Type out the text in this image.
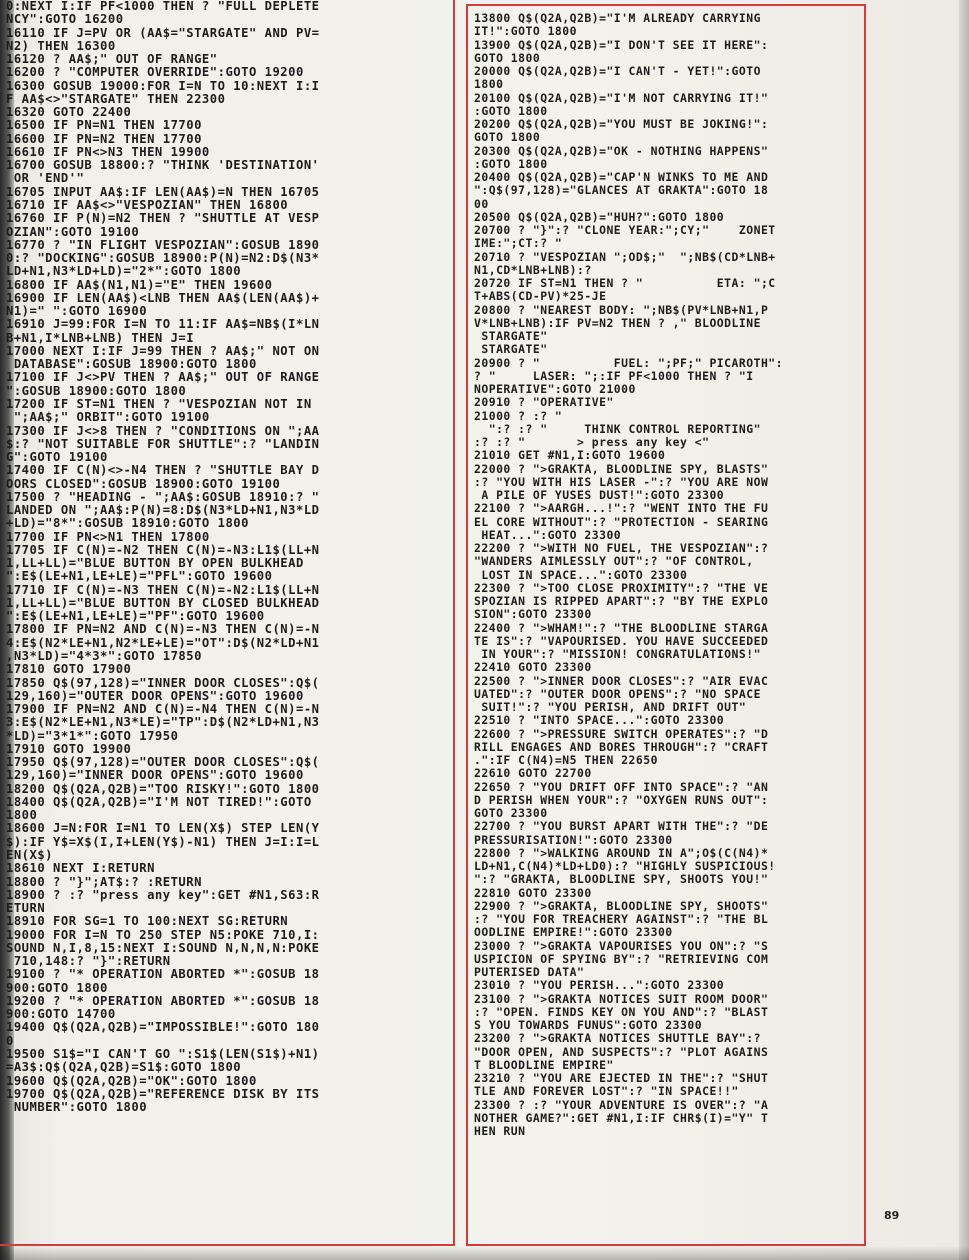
0:NEXT I:IF PF<1000 THEN ? "FULL DEPLETE
NCY":GOTO 16200
16110 IF J=PV OR (AA$="STARGATE" AND PV=
N2) THEN 16300
16120 ? AA$;" OUT OF RANGE"
16200 ? "COMPUTER OVERRIDE":GOTO 19200
16300 GOSUB 19000:FOR I=N TO 10:NEXT I:I
F AA$<>"STARGATE" THEN 22300
16320 GOTO 22400
16500 IF PN=N1 THEN 17700
16600 IF PN=N2 THEN 17700
16610 IF PN<>N3 THEN 19900
16700 GOSUB 18800:? "THINK 'DESTINATION'
OR 'END'"
16705 INPUT AA$:IF LEN(AA$)=N THEN 16705
16710 IF AA$<>"VESPOZIAN" THEN 16800
16760 IF P(N)=N2 THEN ? "SHUTTLE AT VESP
OZIAN":GOTO 19100
16770 ? "IN FLIGHT VESPOZIAN":GOSUB 1890
0:? "DOCKING":GOSUB 18900:P(N)=N2:D$(N3*
LD+N1,N3*LD+LD)="2*":GOTO 1800
16800 IF AA$(N1,N1)="E" THEN 19600
16900 IF LEN(AA$)<LNB THEN AA$(LEN(AA$)+
N1)=" ":GOTO 16900
16910 J=99:FOR I=N TO 11:IF AA$=NB$(I*LN
B+N1,I*LNB+LNB) THEN J=I
17000 NEXT I:IF J=99 THEN ? AA$;" NOT ON
DATABASE":GOSUB 18900:GOTO 1800
17100 IF J<>PV THEN ? AA$;" OUT OF RANGE
":GOSUB 18900:GOTO 1800
17200 IF ST=N1 THEN ? "VESPOZIAN NOT IN
";AA$;" ORBIT":GOTO 19100
17300 IF J<>8 THEN ? "CONDITIONS ON ";AA
$:? "NOT SUITABLE FOR SHUTTLE":? "LANDIN
G":GOTO 19100
17400 IF C(N)<>-N4 THEN ? "SHUTTLE BAY D
OORS CLOSED":GOSUB 18900:GOTO 19100
17500 ? "HEADING - ";AA$:GOSUB 18910:? "
LANDED ON ";AA$:P(N)=8:D$(N3*LD+N1,N3*LD
+LD)="8*":GOSUB 18910:GOTO 1800
17700 IF PN<>N1 THEN 17800
17705 IF C(N)=-N2 THEN C(N)=-N3:L1$(LL+N
1,LL+LL)="BLUE BUTTON BY OPEN BULKHEAD
":E$(LE+N1,LE+LE)="PFL":GOTO 19600
17710 IF C(N)=-N3 THEN C(N)=-N2:L1$(LL+N
1,LL+LL)="BLUE BUTTON BY CLOSED BULKHEAD
":E$(LE+N1,LE+LE)="PF":GOTO 19600
17800 IF PN=N2 AND C(N)=-N3 THEN C(N)=-N
4:E$(N2*LE+N1,N2*LE+LE)="OT":D$(N2*LD+N1
,N3*LD)="4*3*":GOTO 17850
17810 GOTO 17900
17850 Q$(97,128)="INNER DOOR CLOSES":Q$(
129,160)="OUTER DOOR OPENS":GOTO 19600
17900 IF PN=N2 AND C(N)=-N4 THEN C(N)=-N
3:E$(N2*LE+N1,N3*LE)="TP":D$(N2*LD+N1,N3
*LD)="3*1*":GOTO 17950
17910 GOTO 19900
17950 Q$(97,128)="OUTER DOOR CLOSES":Q$(
129,160)="INNER DOOR OPENS":GOTO 19600
18200 Q$(Q2A,Q2B)="TOO RISKY!":GOTO 1800
18400 Q$(Q2A,Q2B)="I'M NOT TIRED!":GOTO
1800
18600 J=N:FOR I=N1 TO LEN(X$) STEP LEN(Y
$):IF Y$=X$(I,I+LEN(Y$)-N1) THEN J=I:I=L
EN(X$)
18610 NEXT I:RETURN
18800 ? "}";AT$:? :RETURN
18900 ? :? "press any key":GET #N1,S63:R
ETURN
18910 FOR SG=1 TO 100:NEXT SG:RETURN
19000 FOR I=N TO 250 STEP N5:POKE 710,I:
SOUND N,I,8,15:NEXT I:SOUND N,N,N,N:POKE
710,148:? "}":RETURN
19100 ? "* OPERATION ABORTED *":GOSUB 18
900:GOTO 1800
19200 ? "* OPERATION ABORTED *":GOSUB 18
900:GOTO 14700
19400 Q$(Q2A,Q2B)="IMPOSSIBLE!":GOTO 180
0
19500 S1$="I CAN'T GO ":S1$(LEN(S1$)+N1)
=A3$:Q$(Q2A,Q2B)=S1$:GOTO 1800
19600 Q$(Q2A,Q2B)="OK":GOTO 1800
19700 Q$(Q2A,Q2B)="REFERENCE DISK BY ITS
NUMBER":GOTO 1800

13800 Q$(Q2A,Q2B)="I'M ALREADY CARRYING
IT!":GOTO 1800
13900 Q$(Q2A,Q2B)="I DON'T SEE IT HERE":
GOTO 1800
20000 Q$(Q2A,Q2B)="I CAN'T - YET!":GOTO
1800
20100 Q$(Q2A,Q2B)="I'M NOT CARRYING IT!"
:GOTO 1800
20200 Q$(Q2A,Q2B)="YOU MUST BE JOKING!":
GOTO 1800
20300 Q$(Q2A,Q2B)="OK - NOTHING HAPPENS"
:GOTO 1800
20400 Q$(Q2A,Q2B)="CAP'N WINKS TO ME AND
":Q$(97,128)="GLANCES AT GRAKTA":GOTO 18
00
20500 Q$(Q2A,Q2B)="HUH?":GOTO 1800
20700 ? "}":? "CLONE YEAR:";CY;"    ZONET
IME:";CT:? "
20710 ? "VESPOZIAN ";OD$;"  ";NB$(CD*LNB+
N1,CD*LNB+LNB):?
20720 IF ST=N1 THEN ? "          ETA: ";C
T+ABS(CD-PV)*25-JE
20800 ? "NEAREST BODY: ";NB$(PV*LNB+N1,P
V*LNB+LNB):IF PV=N2 THEN ? ," BLOODLINE
STARGATE"
STARGATE"
20900 ? "          FUEL: ";PF;" PICAROTH":
? "     LASER: ";:IF PF<1000 THEN ? "I
NOPERATIVE":GOTO 21000
20910 ? "OPERATIVE"
21000 ? :? "
":? :? "     THINK CONTROL REPORTING"
:? :? "       > press any key <"
21010 GET #N1,I:GOTO 19600
22000 ? ">GRAKTA, BLOODLINE SPY, BLASTS"
:? "YOU WITH HIS LASER -":? "YOU ARE NOW
A PILE OF YUSES DUST!":GOTO 23300
22100 ? ">AARGH...!":? "WENT INTO THE FU
EL CORE WITHOUT":? "PROTECTION - SEARING
HEAT...":GOTO 23300
22200 ? ">WITH NO FUEL, THE VESPOZIAN":?
"WANDERS AIMLESSLY OUT":? "OF CONTROL,
LOST IN SPACE...":GOTO 23300
22300 ? ">TOO CLOSE PROXIMITY":? "THE VE
SPOZIAN IS RIPPED APART":? "BY THE EXPLO
SION":GOTO 23300
22400 ? ">WHAM!":? "THE BLOODLINE STARGA
TE IS":? "VAPOURISED. YOU HAVE SUCCEEDED
IN YOUR":? "MISSION! CONGRATULATIONS!"
22410 GOTO 23300
22500 ? ">INNER DOOR CLOSES":? "AIR EVAC
UATED":? "OUTER DOOR OPENS":? "NO SPACE
SUIT!":? "YOU PERISH, AND DRIFT OUT"
22510 ? "INTO SPACE...":GOTO 23300
22600 ? ">PRESSURE SWITCH OPERATES":? "D
RILL ENGAGES AND BORES THROUGH":? "CRAFT
.":IF C(N4)=N5 THEN 22650
22610 GOTO 22700
22650 ? "YOU DRIFT OFF INTO SPACE":? "AN
D PERISH WHEN YOUR":? "OXYGEN RUNS OUT":
GOTO 23300
22700 ? "YOU BURST APART WITH THE":? "DE
PRESSURISATION!":GOTO 23300
22800 ? ">WALKING AROUND IN A";O$(C(N4)*
LD+N1,C(N4)*LD+LD0):? "HIGHLY SUSPICIOUS!
":? "GRAKTA, BLOODLINE SPY, SHOOTS YOU!"
22810 GOTO 23300
22900 ? ">GRAKTA, BLOODLINE SPY, SHOOTS"
:? "YOU FOR TREACHERY AGAINST":? "THE BL
OODLINE EMPIRE!":GOTO 23300
23000 ? ">GRAKTA VAPOURISES YOU ON":? "S
USPICION OF SPYING BY":? "RETRIEVING COM
PUTERISED DATA"
23010 ? "YOU PERISH...":GOTO 23300
23100 ? ">GRAKTA NOTICES SUIT ROOM DOOR"
:? "OPEN. FINDS KEY ON YOU AND":? "BLAST
S YOU TOWARDS FUNUS":GOTO 23300
23200 ? ">GRAKTA NOTICES SHUTTLE BAY":?
"DOOR OPEN, AND SUSPECTS":? "PLOT AGAINS
T BLOODLINE EMPIRE"
23210 ? "YOU ARE EJECTED IN THE":? "SHUT
TLE AND FOREVER LOST":? "IN SPACE!!"
23300 ? :? "YOUR ADVENTURE IS OVER":? "A
NOTHER GAME?":GET #N1,I:IF CHR$(I)="Y" T
HEN RUN

89
